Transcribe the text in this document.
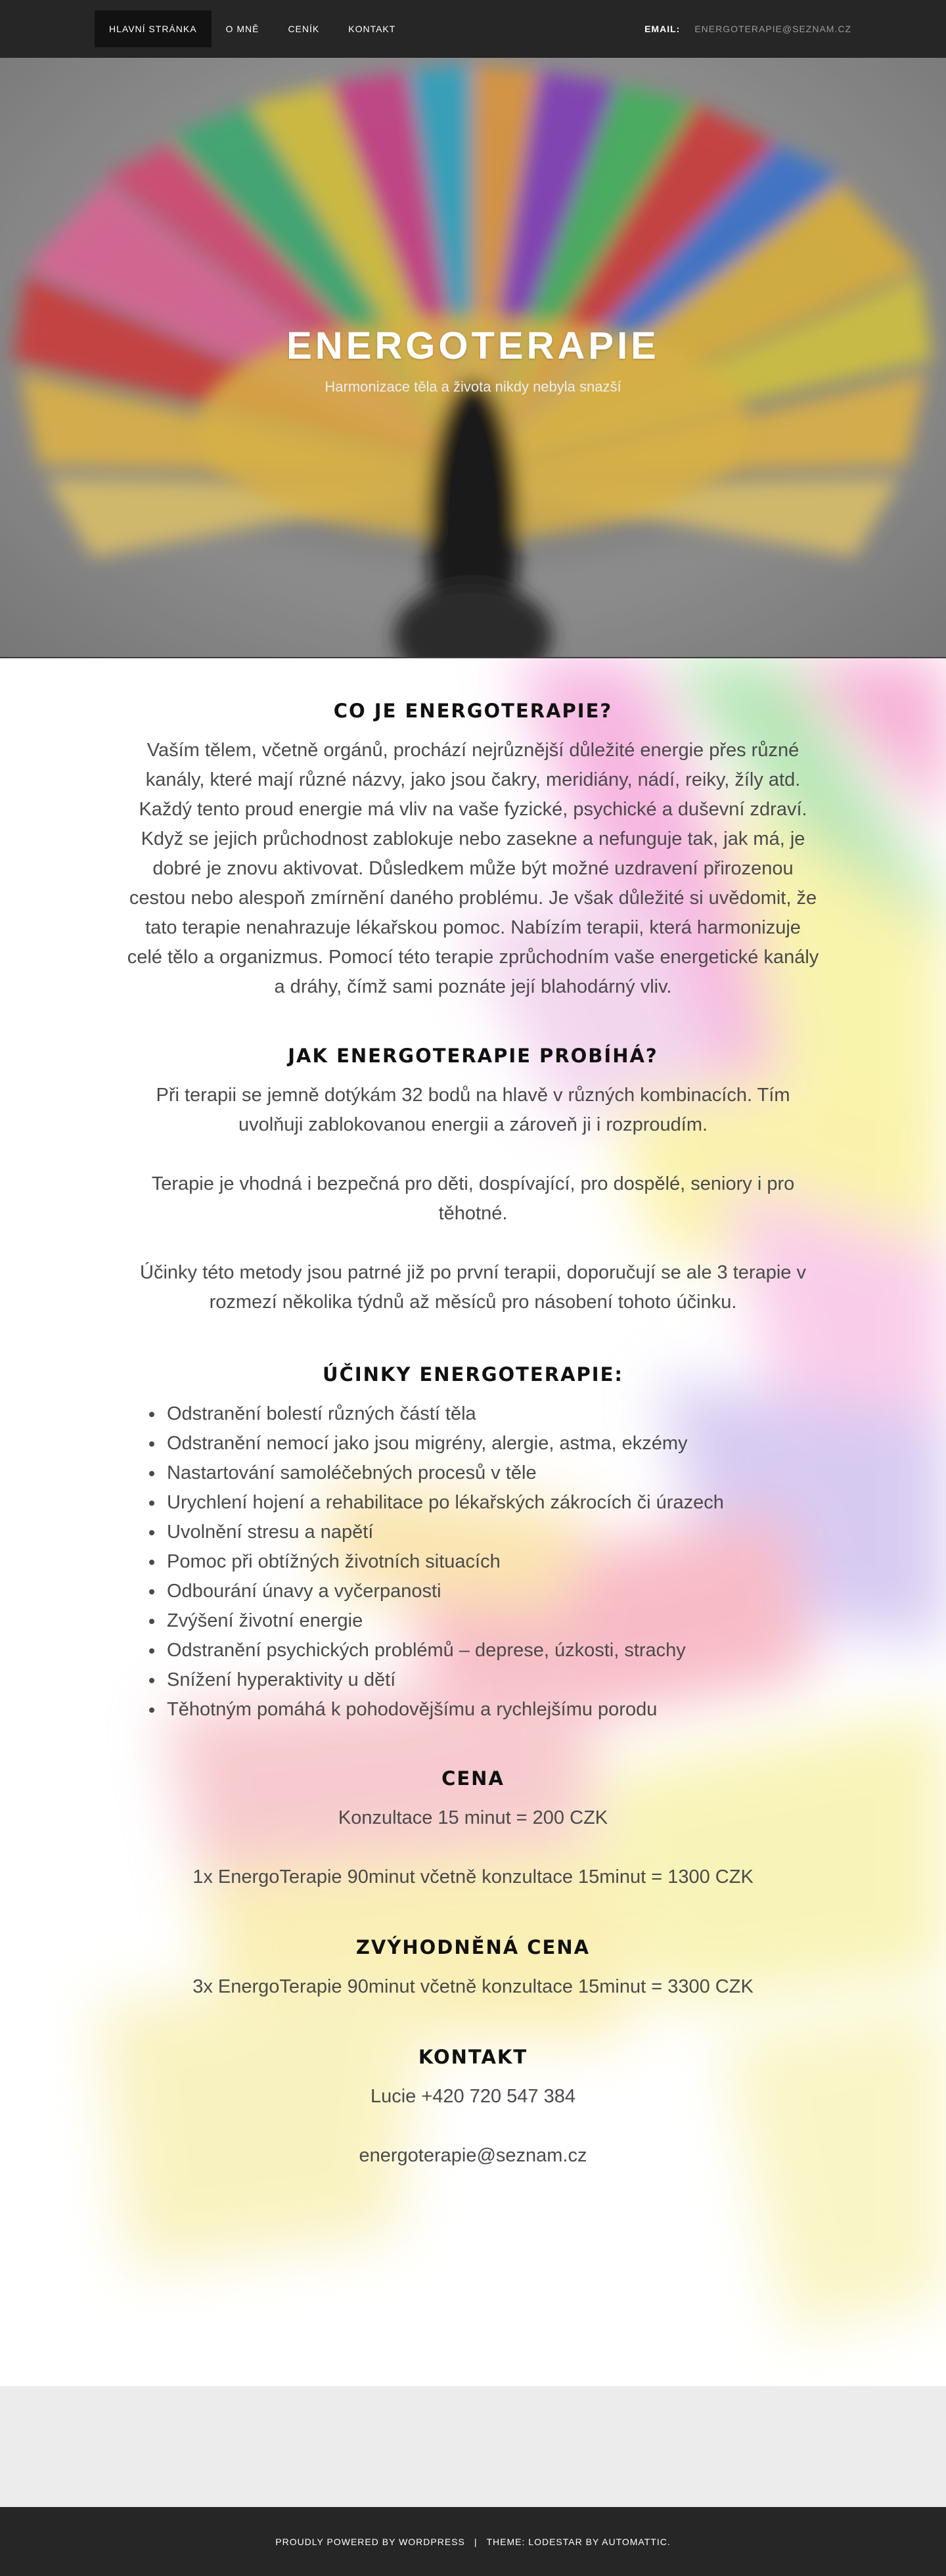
HLAVNÍ STRÁNKA	O MNĚ	CENÍK	KONTAKT	EMAIL: ENERGOTERAPIE@SEZNAM.CZ
ENERGOTERAPIE
Harmonizace těla a života nikdy nebyla snazší
CO JE ENERGOTERAPIE?
Vaším tělem, včetně orgánů, prochází nejrůznější důležité energie přes různé
kanály, které mají různé názvy, jako jsou čakry, meridiány, nádí, reiky, žíly atd.
Každý tento proud energie má vliv na vaše fyzické, psychické a duševní zdraví.
Když se jejich průchodnost zablokuje nebo zasekne a nefunguje tak, jak má, je
dobré je znovu aktivovat. Důsledkem může být možné uzdravení přirozenou
cestou nebo alespoň zmírnění daného problému. Je však důležité si uvědomit, že
tato terapie nenahrazuje lékařskou pomoc. Nabízím terapii, která harmonizuje
celé tělo a organizmus. Pomocí této terapie zprůchodním vaše energetické kanály
a dráhy, čímž sami poznáte její blahodárný vliv.
JAK ENERGOTERAPIE PROBÍHÁ?
Při terapii se jemně dotýkám 32 bodů na hlavě v různých kombinacích. Tím
uvolňuji zablokovanou energii a zároveň ji i rozproudím.
Terapie je vhodná i bezpečná pro děti, dospívající, pro dospělé, seniory i pro
těhotné.
Účinky této metody jsou patrné již po první terapii, doporučují se ale 3 terapie v
rozmezí několika týdnů až měsíců pro násobení tohoto účinku.
ÚČINKY ENERGOTERAPIE:
• Odstranění bolestí různých částí těla
• Odstranění nemocí jako jsou migrény, alergie, astma, ekzémy
• Nastartování samoléčebných procesů v těle
• Urychlení hojení a rehabilitace po lékařských zákrocích či úrazech
• Uvolnění stresu a napětí
• Pomoc při obtížných životních situacích
• Odbourání únavy a vyčerpanosti
• Zvýšení životní energie
• Odstranění psychických problémů – deprese, úzkosti, strachy
• Snížení hyperaktivity u dětí
• Těhotným pomáhá k pohodovějšímu a rychlejšímu porodu
CENA
Konzultace 15 minut = 200 CZK
1x EnergoTerapie 90minut včetně konzultace 15minut = 1300 CZK
ZVÝHODNĚNÁ CENA
3x EnergoTerapie 90minut včetně konzultace 15minut = 3300 CZK
KONTAKT
Lucie +420 720 547 384
energoterapie@seznam.cz
PROUDLY POWERED BY WORDPRESS | THEME: LODESTAR BY AUTOMATTIC.
